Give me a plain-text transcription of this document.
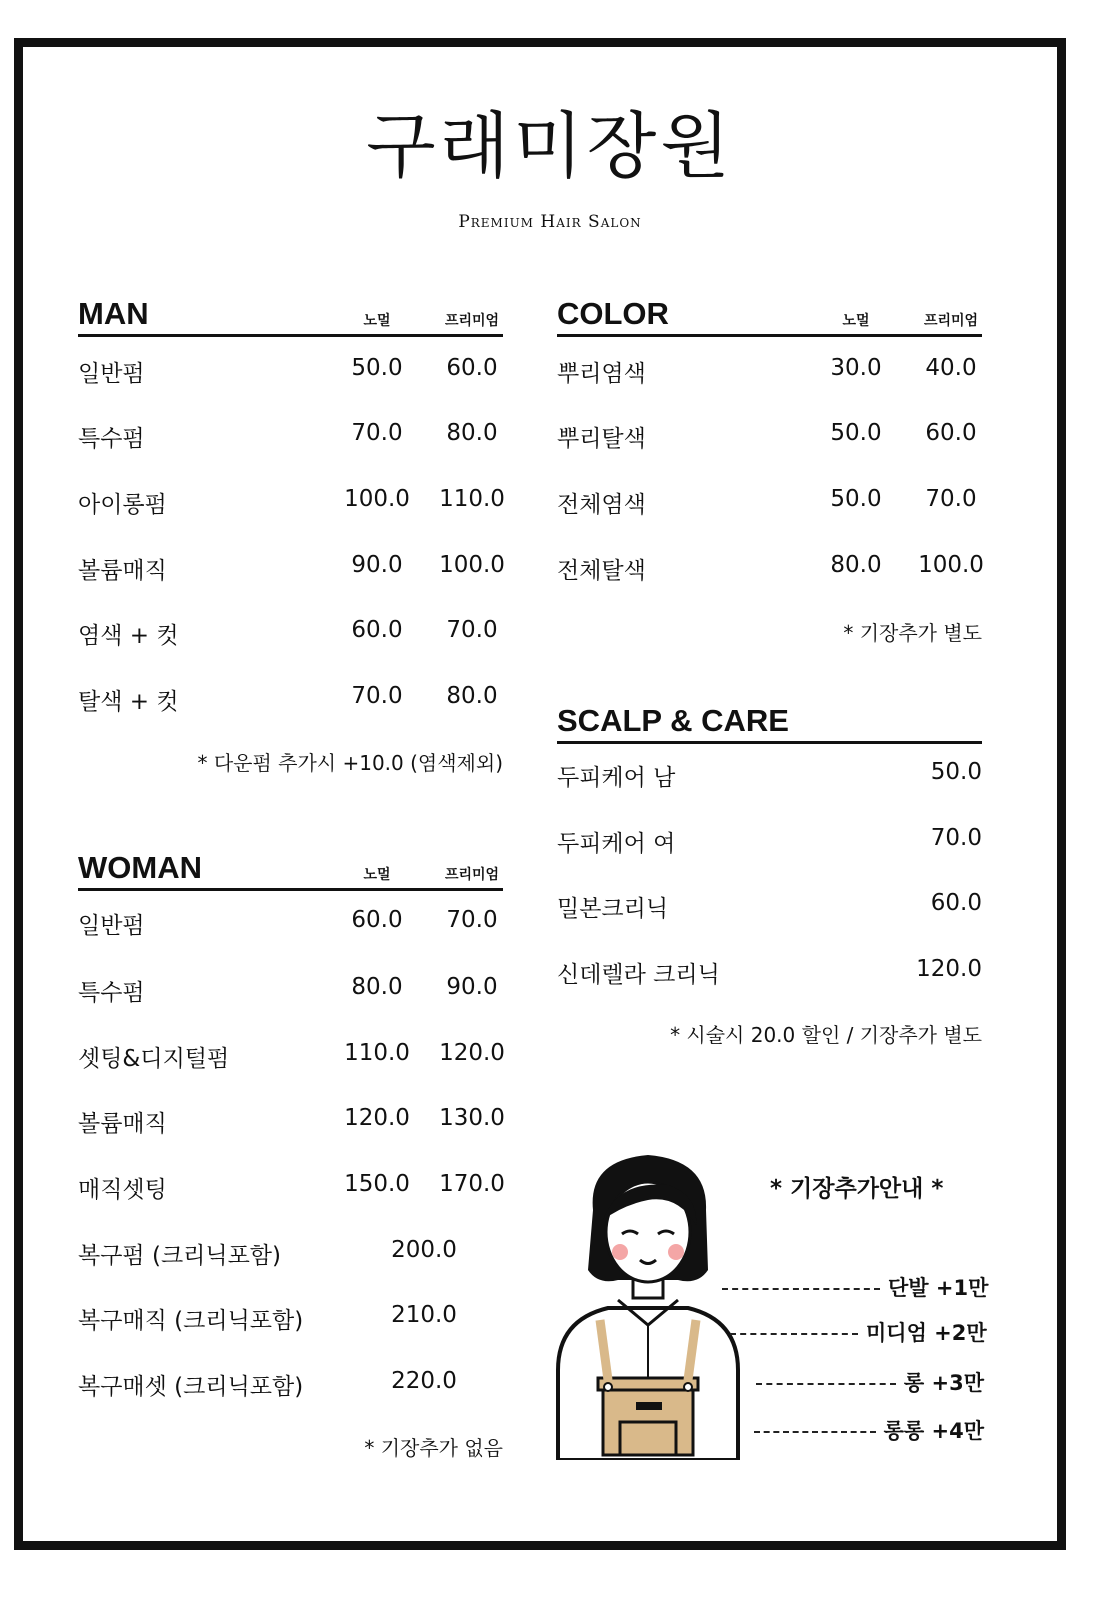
구래미장원
Premium Hair Salon
MAN	노멀	프리미엄
일반펌	50.0	60.0
특수펌	70.0	80.0
아이롱펌	100.0	110.0
볼륨매직	90.0	100.0
염색 + 컷	60.0	70.0
탈색 + 컷	70.0	80.0
* 다운펌 추가시 +10.0 (염색제외)
WOMAN	노멀	프리미엄
일반펌	60.0	70.0
특수펌	80.0	90.0
셋팅&디지털펌	110.0	120.0
볼륨매직	120.0	130.0
매직셋팅	150.0	170.0
복구펌 (크리닉포함)	200.0
복구매직 (크리닉포함)	210.0
복구매셋 (크리닉포함)	220.0
* 기장추가 없음
COLOR	노멀	프리미엄
뿌리염색	30.0	40.0
뿌리탈색	50.0	60.0
전체염색	50.0	70.0
전체탈색	80.0	100.0
* 기장추가 별도
SCALP & CARE
두피케어 남	50.0
두피케어 여	70.0
밀본크리닉	60.0
신데렐라 크리닉	120.0
* 시술시 20.0 할인 / 기장추가 별도
* 기장추가안내 *
단발 +1만
미디엄 +2만
롱 +3만
롱롱 +4만
